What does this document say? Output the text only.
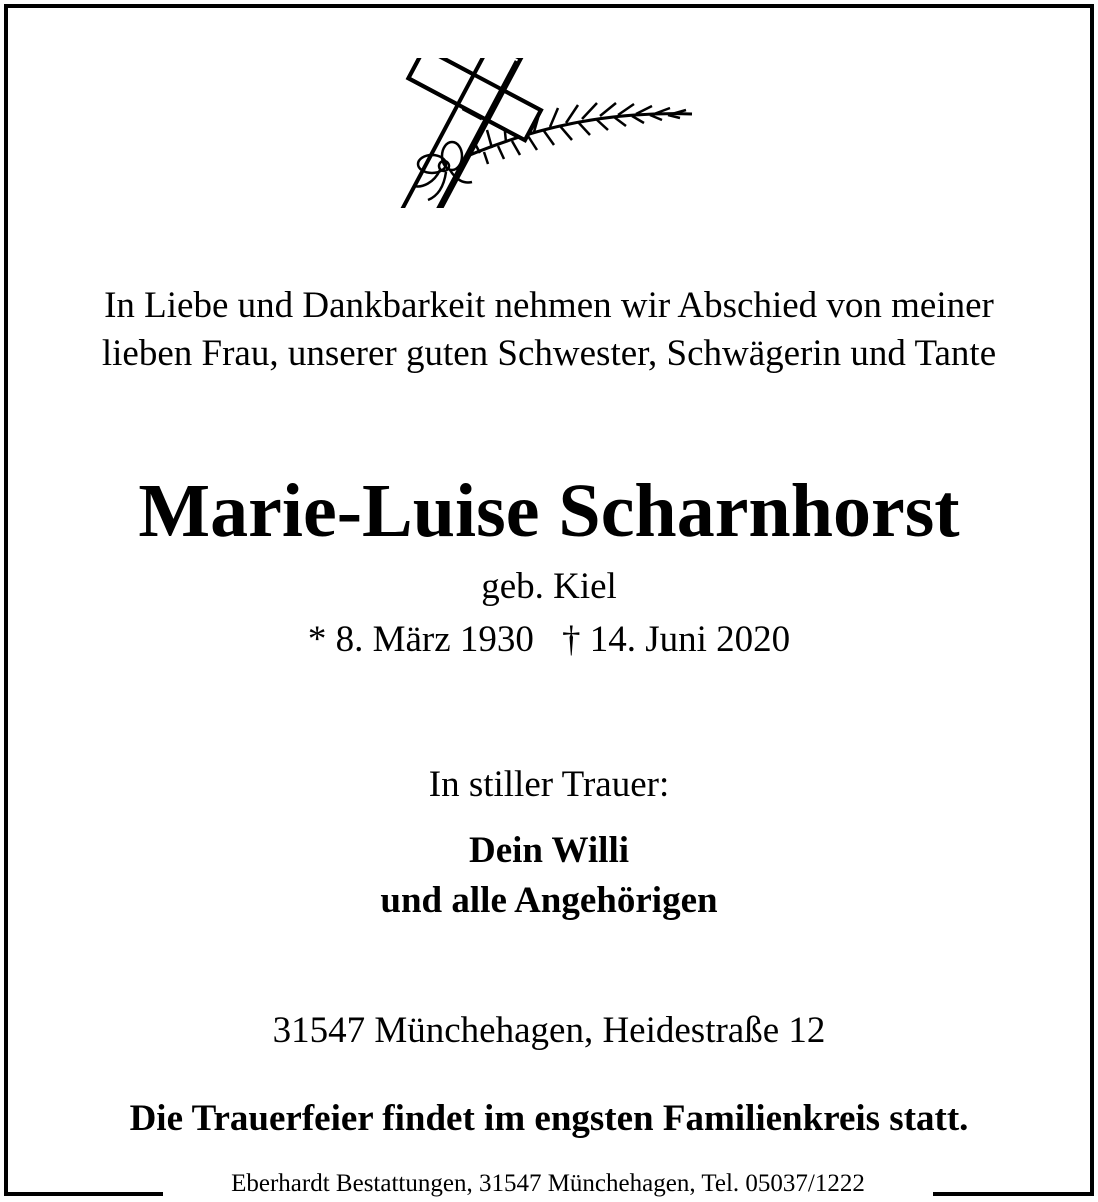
In Liebe und Dankbarkeit nehmen wir Abschied von meiner
lieben Frau, unserer guten Schwester, Schwägerin und Tante
Marie-Luise Scharnhorst
geb. Kiel
* 8. März 1930 † 14. Juni 2020
In stiller Trauer:
Dein Willi
und alle Angehörigen
31547 Münchehagen, Heidestraße 12
Die Trauerfeier findet im engsten Familienkreis statt.
Eberhardt Bestattungen, 31547 Münchehagen, Tel. 05037/1222
